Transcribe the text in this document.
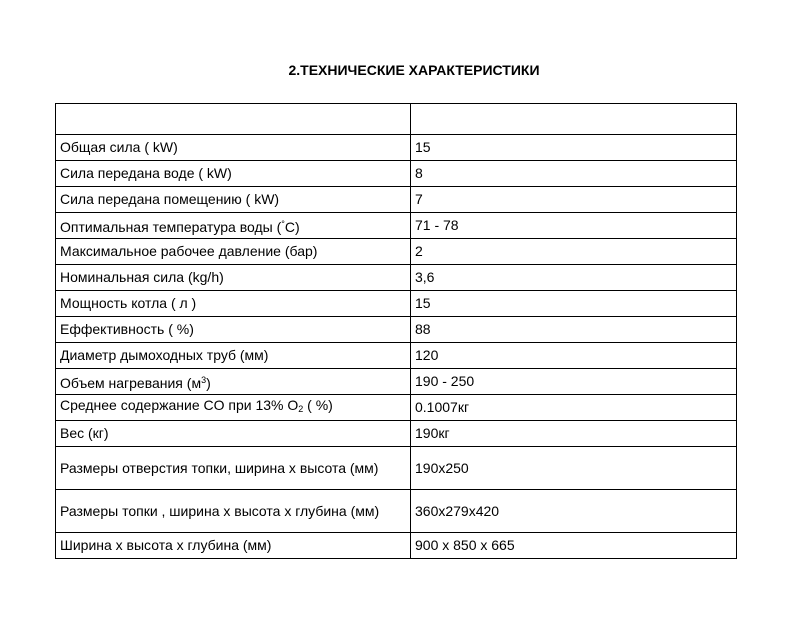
2.ТЕХНИЧЕСКИЕ ХАРАКТЕРИСТИКИ

Общая сила ( kW)	15
Сила передана воде ( kW)	8
Сила передана помещению ( kW)	7
Оптимальная температура воды (°C)	71 - 78
Максимальное рабочее давление (бар)	2
Номинальная сила (kg/h)	3,6
Мощность котла ( л )	15
Еффективность ( %)	88
Диаметр дымоходных труб (мм)	120
Объем нагревания $(м^3)$	190 - 250
Среднее содержание CO при 13% $O_2$ ( %)	0.1007кг
Вес (кг)	190кг
Размеры отверстия топки, ширина х высота (мм)	190x250
Размеры топки , ширина х высота х глубина (мм)	360x279x420
Ширина х высота х глубина (мм)	900 x 850 x 665
